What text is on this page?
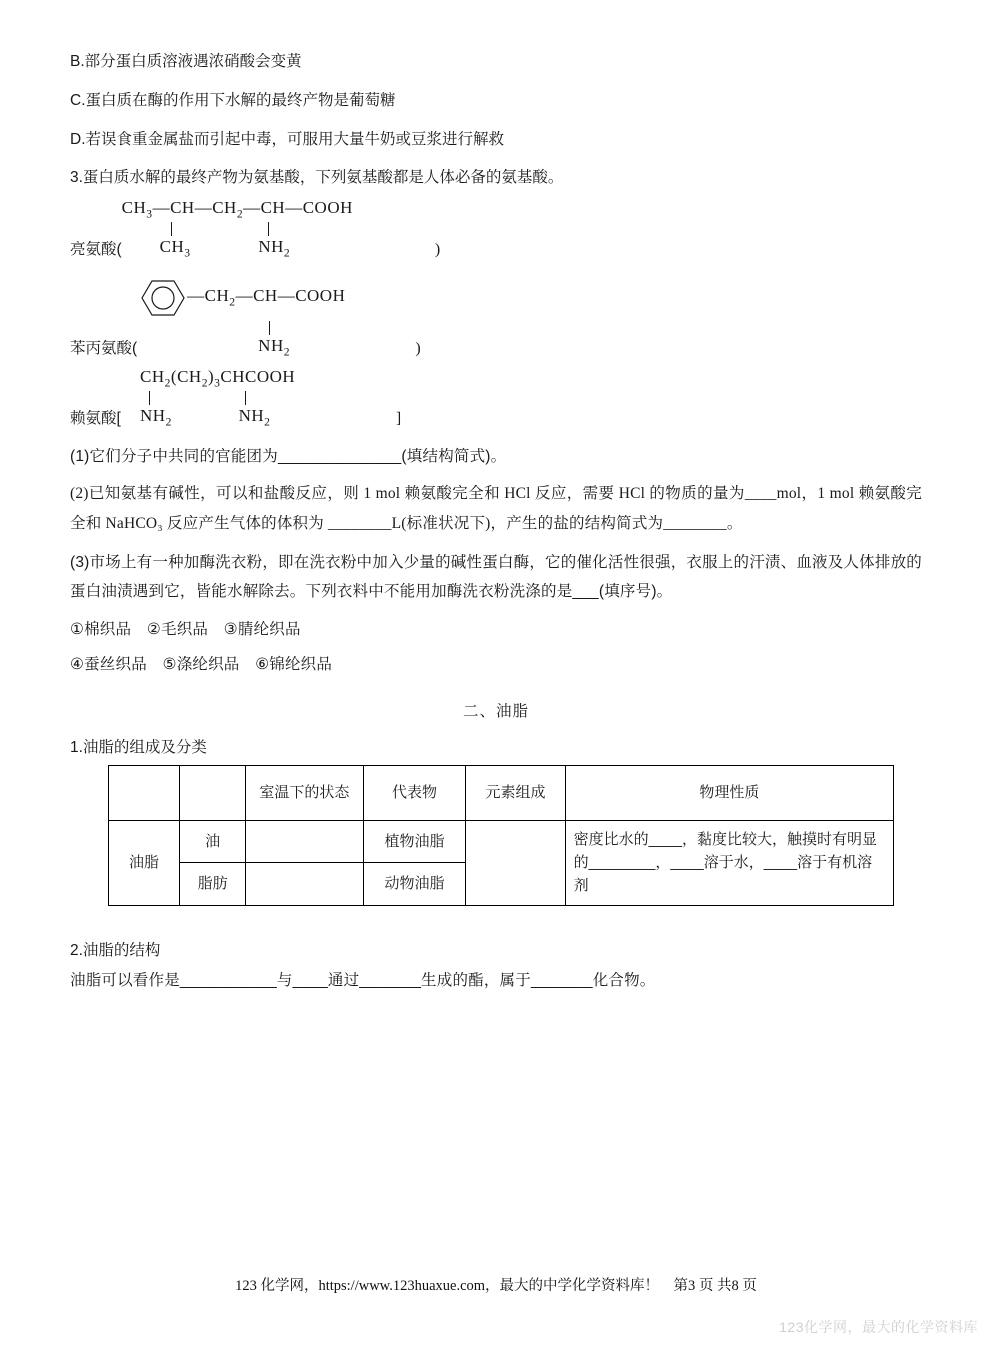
B.部分蛋白质溶液遇浓硝酸会变黄
C.蛋白质在酶的作用下水解的最终产物是葡萄糖
D.若误食重金属盐而引起中毒，可服用大量牛奶或豆浆进行解救
3.蛋白质水解的最终产物为氨基酸，下列氨基酸都是人体必备的氨基酸。
亮氨酸(
$CH_3—CH—CH_2—CH—COOH$
$CH_3$	$NH_2$	)
苯丙氨酸(
$—CH_2—CH—COOH$
$NH_2$	)
赖氨酸[
$CH_2(CH_2)_3CHCOOH$
$NH_2$	$NH_2$	]
(1)它们分子中共同的官能团为______________(填结构简式)。
(2)已知氨基有碱性，可以和盐酸反应，则 1 mol 赖氨酸完全和 HCl 反应，需要 HCl 的物质的量为____mol，1 mol 赖氨酸完全和 NaHCO₃ 反应产生气体的体积为 ________L(标准状况下)，产生的盐的结构简式为________。
(3)市场上有一种加酶洗衣粉，即在洗衣粉中加入少量的碱性蛋白酶，它的催化活性很强，衣服上的汗渍、血液及人体排放的蛋白油渍遇到它，皆能水解除去。下列衣料中不能用加酶洗衣粉洗涤的是___(填序号)。
①棉织品　②毛织品　③腈纶织品
④蚕丝织品　⑤涤纶织品　⑥锦纶织品
二、油脂
1.油脂的组成及分类
		室温下的状态	代表物	元素组成	物理性质
油脂	油		植物油脂		密度比水的____，黏度比较大，触摸时有明显的________，____溶于水，____溶于有机溶剂
	脂肪		动物油脂		
2.油脂的结构
油脂可以看作是___________与____通过_______生成的酯，属于_______化合物。
123 化学网，https://www.123huaxue.com，最大的中学化学资料库！　第3 页 共8 页
123化学网，最大的化学资料库
